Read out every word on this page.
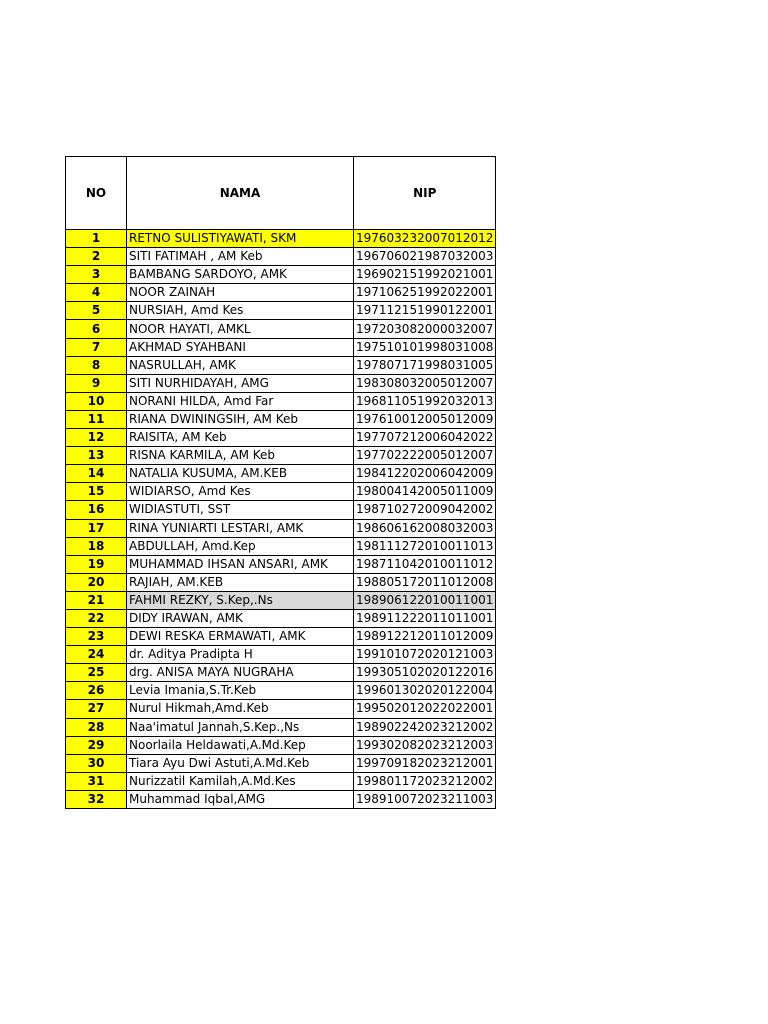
NO	NAMA	NIP
1	RETNO SULISTIYAWATI, SKM	197603232007012012
2	SITI FATIMAH , AM Keb	196706021987032003
3	BAMBANG SARDOYO, AMK	196902151992021001
4	NOOR ZAINAH	197106251992022001
5	NURSIAH, Amd Kes	197112151990122001
6	NOOR HAYATI, AMKL	197203082000032007
7	AKHMAD SYAHBANI	197510101998031008
8	NASRULLAH, AMK	197807171998031005
9	SITI NURHIDAYAH, AMG	198308032005012007
10	NORANI HILDA, Amd Far	196811051992032013
11	RIANA DWININGSIH, AM Keb	197610012005012009
12	RAISITA, AM Keb	197707212006042022
13	RISNA KARMILA, AM Keb	197702222005012007
14	NATALIA KUSUMA, AM.KEB	198412202006042009
15	WIDIARSO, Amd Kes	198004142005011009
16	WIDIASTUTI, SST	198710272009042002
17	RINA YUNIARTI LESTARI, AMK	198606162008032003
18	ABDULLAH, Amd.Kep	198111272010011013
19	MUHAMMAD IHSAN ANSARI, AMK	198711042010011012
20	RAJIAH, AM.KEB	198805172011012008
21	FAHMI REZKY, S.Kep,.Ns	198906122010011001
22	DIDY IRAWAN, AMK	198911222011011001
23	DEWI RESKA ERMAWATI, AMK	198912212011012009
24	dr. Aditya Pradipta H	199101072020121003
25	drg. ANISA MAYA NUGRAHA	199305102020122016
26	Levia Imania,S.Tr.Keb	199601302020122004
27	Nurul Hikmah,Amd.Keb	199502012022022001
28	Naa'imatul Jannah,S.Kep.,Ns	198902242023212002
29	Noorlaila Heldawati,A.Md.Kep	199302082023212003
30	Tiara Ayu Dwi Astuti,A.Md.Keb	199709182023212001
31	Nurizzatil Kamilah,A.Md.Kes	199801172023212002
32	Muhammad Iqbal,AMG	198910072023211003
